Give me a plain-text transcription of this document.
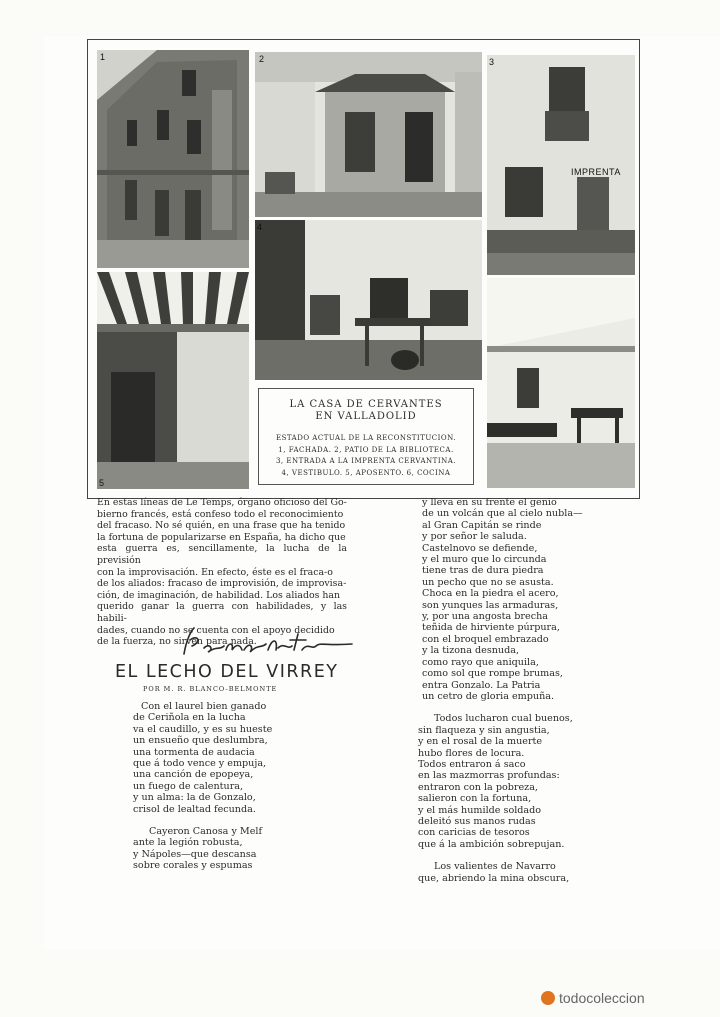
1	2	3
IMPRENTA
5
4
LA CASA DE CERVANTES
EN VALLADOLID
ESTADO ACTUAL DE LA RECONSTITUCION.
1, FACHADA. 2, PATIO DE LA BIBLIOTECA.
3, ENTRADA A LA IMPRENTA CERVANTINA.
4, VESTIBULO. 5, APOSENTO. 6, COCINA
En estas líneas de Le Temps, órgano oficioso del Go-
bierno francés, está confeso todo el reconocimiento
del fracaso. No sé quién, en una frase que ha tenido
la fortuna de popularizarse en España, ha dicho que
esta guerra es, sencillamente, la lucha de la previsión
con la improvisación. En efecto, éste es el fraca-o
de los aliados: fracaso de improvisión, de improvisa-
ción, de imaginación, de habilidad. Los aliados han
querido ganar la guerra con habilidades, y las habili-
dades, cuando no se cuenta con el apoyo decidido
de la fuerza, no sirven para nada.
EL LECHO DEL VIRREY
POR M. R. BLANCO-BELMONTE
Con el laurel bien ganado
de Ceriñola en la lucha
va el caudillo, y es su hueste
un ensueño que deslumbra,
una tormenta de audacia
que á todo vence y empuja,
una canción de epopeya,
un fuego de calentura,
y un alma: la de Gonzalo,
crisol de lealtad fecunda.
Cayeron Canosa y Melf
ante la legión robusta,
y Nápoles—que descansa
sobre corales y espumas
y lleva en su frente el genio
de un volcán que al cielo nubla—
al Gran Capitán se rinde
y por señor le saluda.
Castelnovo se defiende,
y el muro que lo circunda
tiene tras de dura piedra
un pecho que no se asusta.
Choca en la piedra el acero,
son yunques las armaduras,
y, por una angosta brecha
teñida de hirviente púrpura,
con el broquel embrazado
y la tizona desnuda,
como rayo que aniquila,
como sol que rompe brumas,
entra Gonzalo. La Patria
un cetro de gloria empuña.
Todos lucharon cual buenos,
sin flaqueza y sin angustia,
y en el rosal de la muerte
hubo flores de locura.
Todos entraron á saco
en las mazmorras profundas:
entraron con la pobreza,
salieron con la fortuna,
y el más humilde soldado
deleitó sus manos rudas
con caricias de tesoros
que á la ambición sobrepujan.
Los valientes de Navarro
que, abriendo la mina obscura,
todocoleccion
